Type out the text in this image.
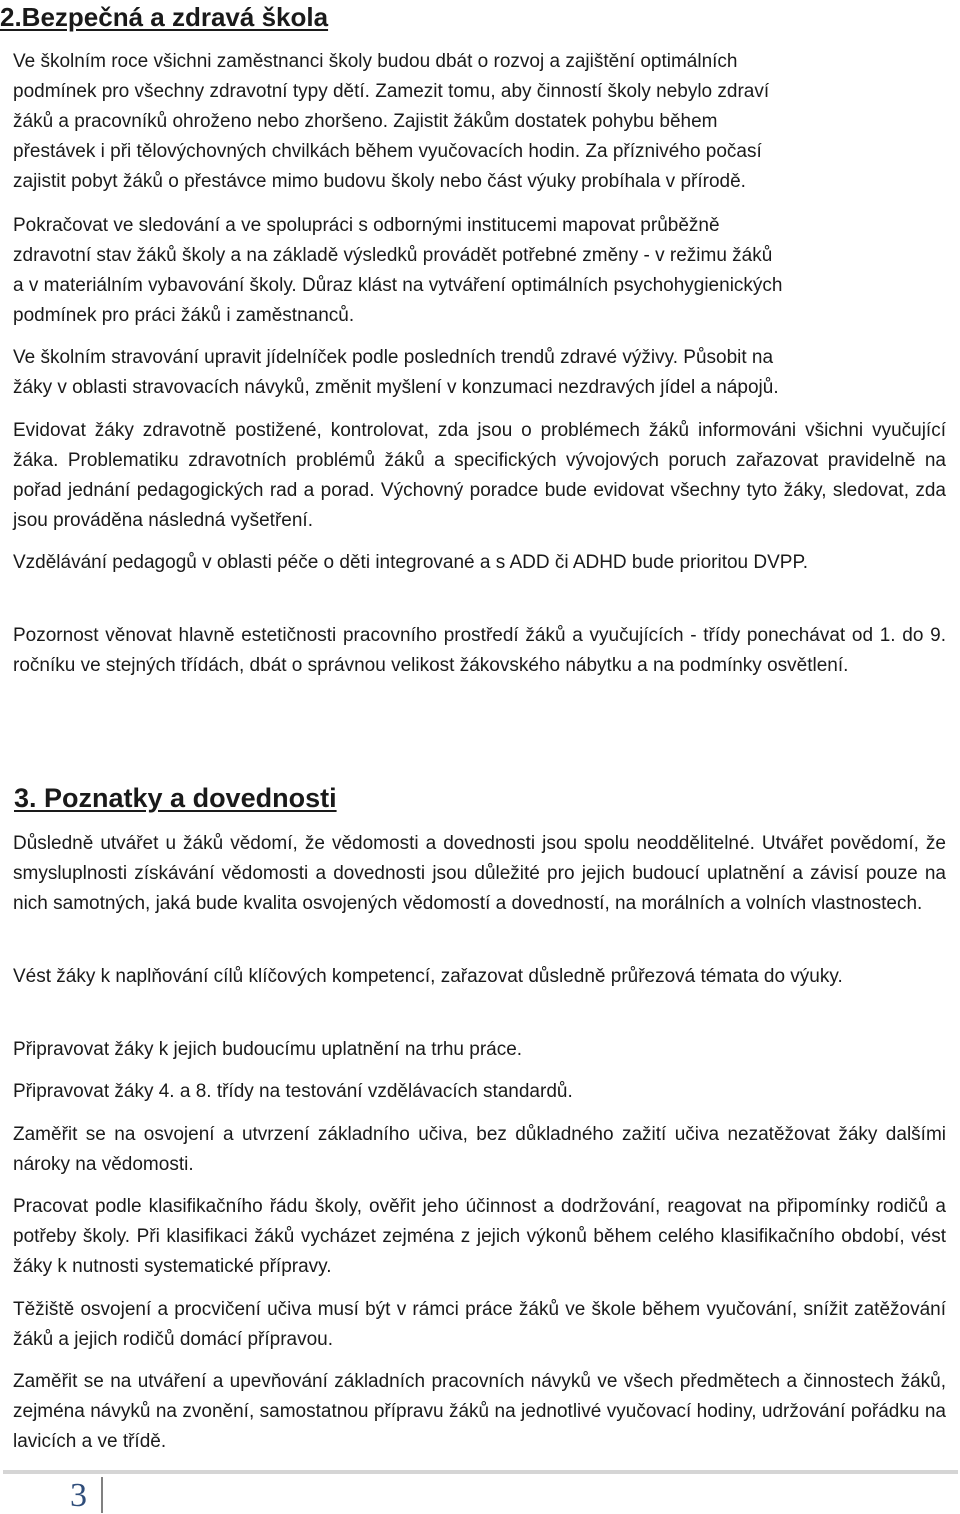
2.Bezpečná a zdravá škola
Ve školním roce všichni zaměstnanci školy budou dbát o rozvoj a zajištění optimálních
podmínek pro všechny zdravotní typy dětí. Zamezit tomu, aby činností školy nebylo zdraví
žáků a pracovníků ohroženo nebo zhoršeno. Zajistit žákům dostatek pohybu během
přestávek i při tělovýchovných chvilkách během vyučovacích hodin. Za příznivého počasí
zajistit pobyt žáků o přestávce mimo budovu školy nebo část výuky probíhala v přírodě.
Pokračovat ve sledování a ve spolupráci s odbornými institucemi mapovat průběžně
zdravotní stav žáků školy a na základě výsledků provádět potřebné změny - v režimu žáků
a v materiálním vybavování školy. Důraz klást na vytváření optimálních psychohygienických
podmínek pro práci žáků i zaměstnanců.
Ve školním stravování upravit jídelníček podle posledních trendů zdravé výživy. Působit na
žáky v oblasti stravovacích návyků, změnit myšlení v konzumaci nezdravých jídel a nápojů.

Evidovat žáky zdravotně postižené, kontrolovat, zda jsou o problémech žáků informováni všichni vyučující žáka. Problematiku zdravotních problémů žáků a specifických vývojových poruch zařazovat pravidelně na pořad jednání pedagogických rad a porad. Výchovný poradce bude evidovat všechny tyto žáky, sledovat, zda jsou prováděna následná vyšetření.

Vzdělávání pedagogů v oblasti péče o děti integrované a s ADD či ADHD bude prioritou DVPP.

Pozornost věnovat hlavně estetičnosti pracovního prostředí žáků a vyučujících - třídy ponechávat od 1. do 9. ročníku ve stejných třídách, dbát o správnou velikost žákovského nábytku a na podmínky osvětlení.

3. Poznatky a dovednosti

Důsledně utvářet u žáků vědomí, že vědomosti a dovednosti jsou spolu neoddělitelné. Utvářet povědomí, že smysluplnosti získávání vědomosti a dovednosti jsou důležité pro jejich budoucí uplatnění a závisí pouze na nich samotných, jaká bude kvalita osvojených vědomostí a dovedností, na morálních a volních vlastnostech.

Vést žáky k naplňování cílů klíčových kompetencí, zařazovat důsledně průřezová témata do výuky.

Připravovat žáky k jejich budoucímu uplatnění na trhu práce.

Připravovat žáky 4. a 8. třídy na testování vzdělávacích standardů.

Zaměřit se na osvojení a utvrzení základního učiva, bez důkladného zažití učiva nezatěžovat žáky dalšími nároky na vědomosti.

Pracovat podle klasifikačního řádu školy, ověřit jeho účinnost a dodržování, reagovat na připomínky rodičů a potřeby školy. Při klasifikaci žáků vycházet zejména z jejich výkonů během celého klasifikačního období, vést žáky k nutnosti systematické přípravy.

Těžiště osvojení a procvičení učiva musí být v rámci práce žáků ve škole během vyučování, snížit zatěžování žáků a jejich rodičů domácí přípravou.

Zaměřit se na utváření a upevňování základních pracovních návyků ve všech předmětech a činnostech žáků, zejména návyků na zvonění, samostatnou přípravu žáků na jednotlivé vyučovací hodiny, udržování pořádku na lavicích a ve třídě.

3
